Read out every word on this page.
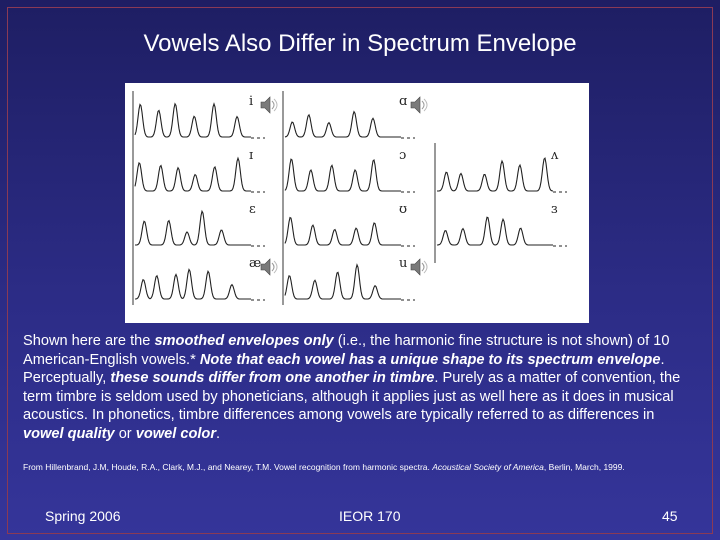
Vowels Also Differ in Spectrum Envelope
i
ɪ
ɛ
æ
ɑ
ɔ
ʊ
u
ʌ
ɜ
Shown here are the smoothed envelopes only (i.e., the harmonic fine structure is not shown) of 10 American-English vowels.* Note that each vowel has a unique shape to its spectrum envelope. Perceptually, these sounds differ from one another in timbre. Purely as a matter of convention, the term timbre is seldom used by phoneticians, although it applies just as well here as it does in musical acoustics. In phonetics, timbre differences among vowels are typically referred to as differences in vowel quality or vowel color.
From Hillenbrand, J.M, Houde, R.A., Clark, M.J., and Nearey, T.M. Vowel recognition from harmonic spectra. Acoustical Society of America, Berlin, March, 1999.
Spring 2006	IEOR 170	45
